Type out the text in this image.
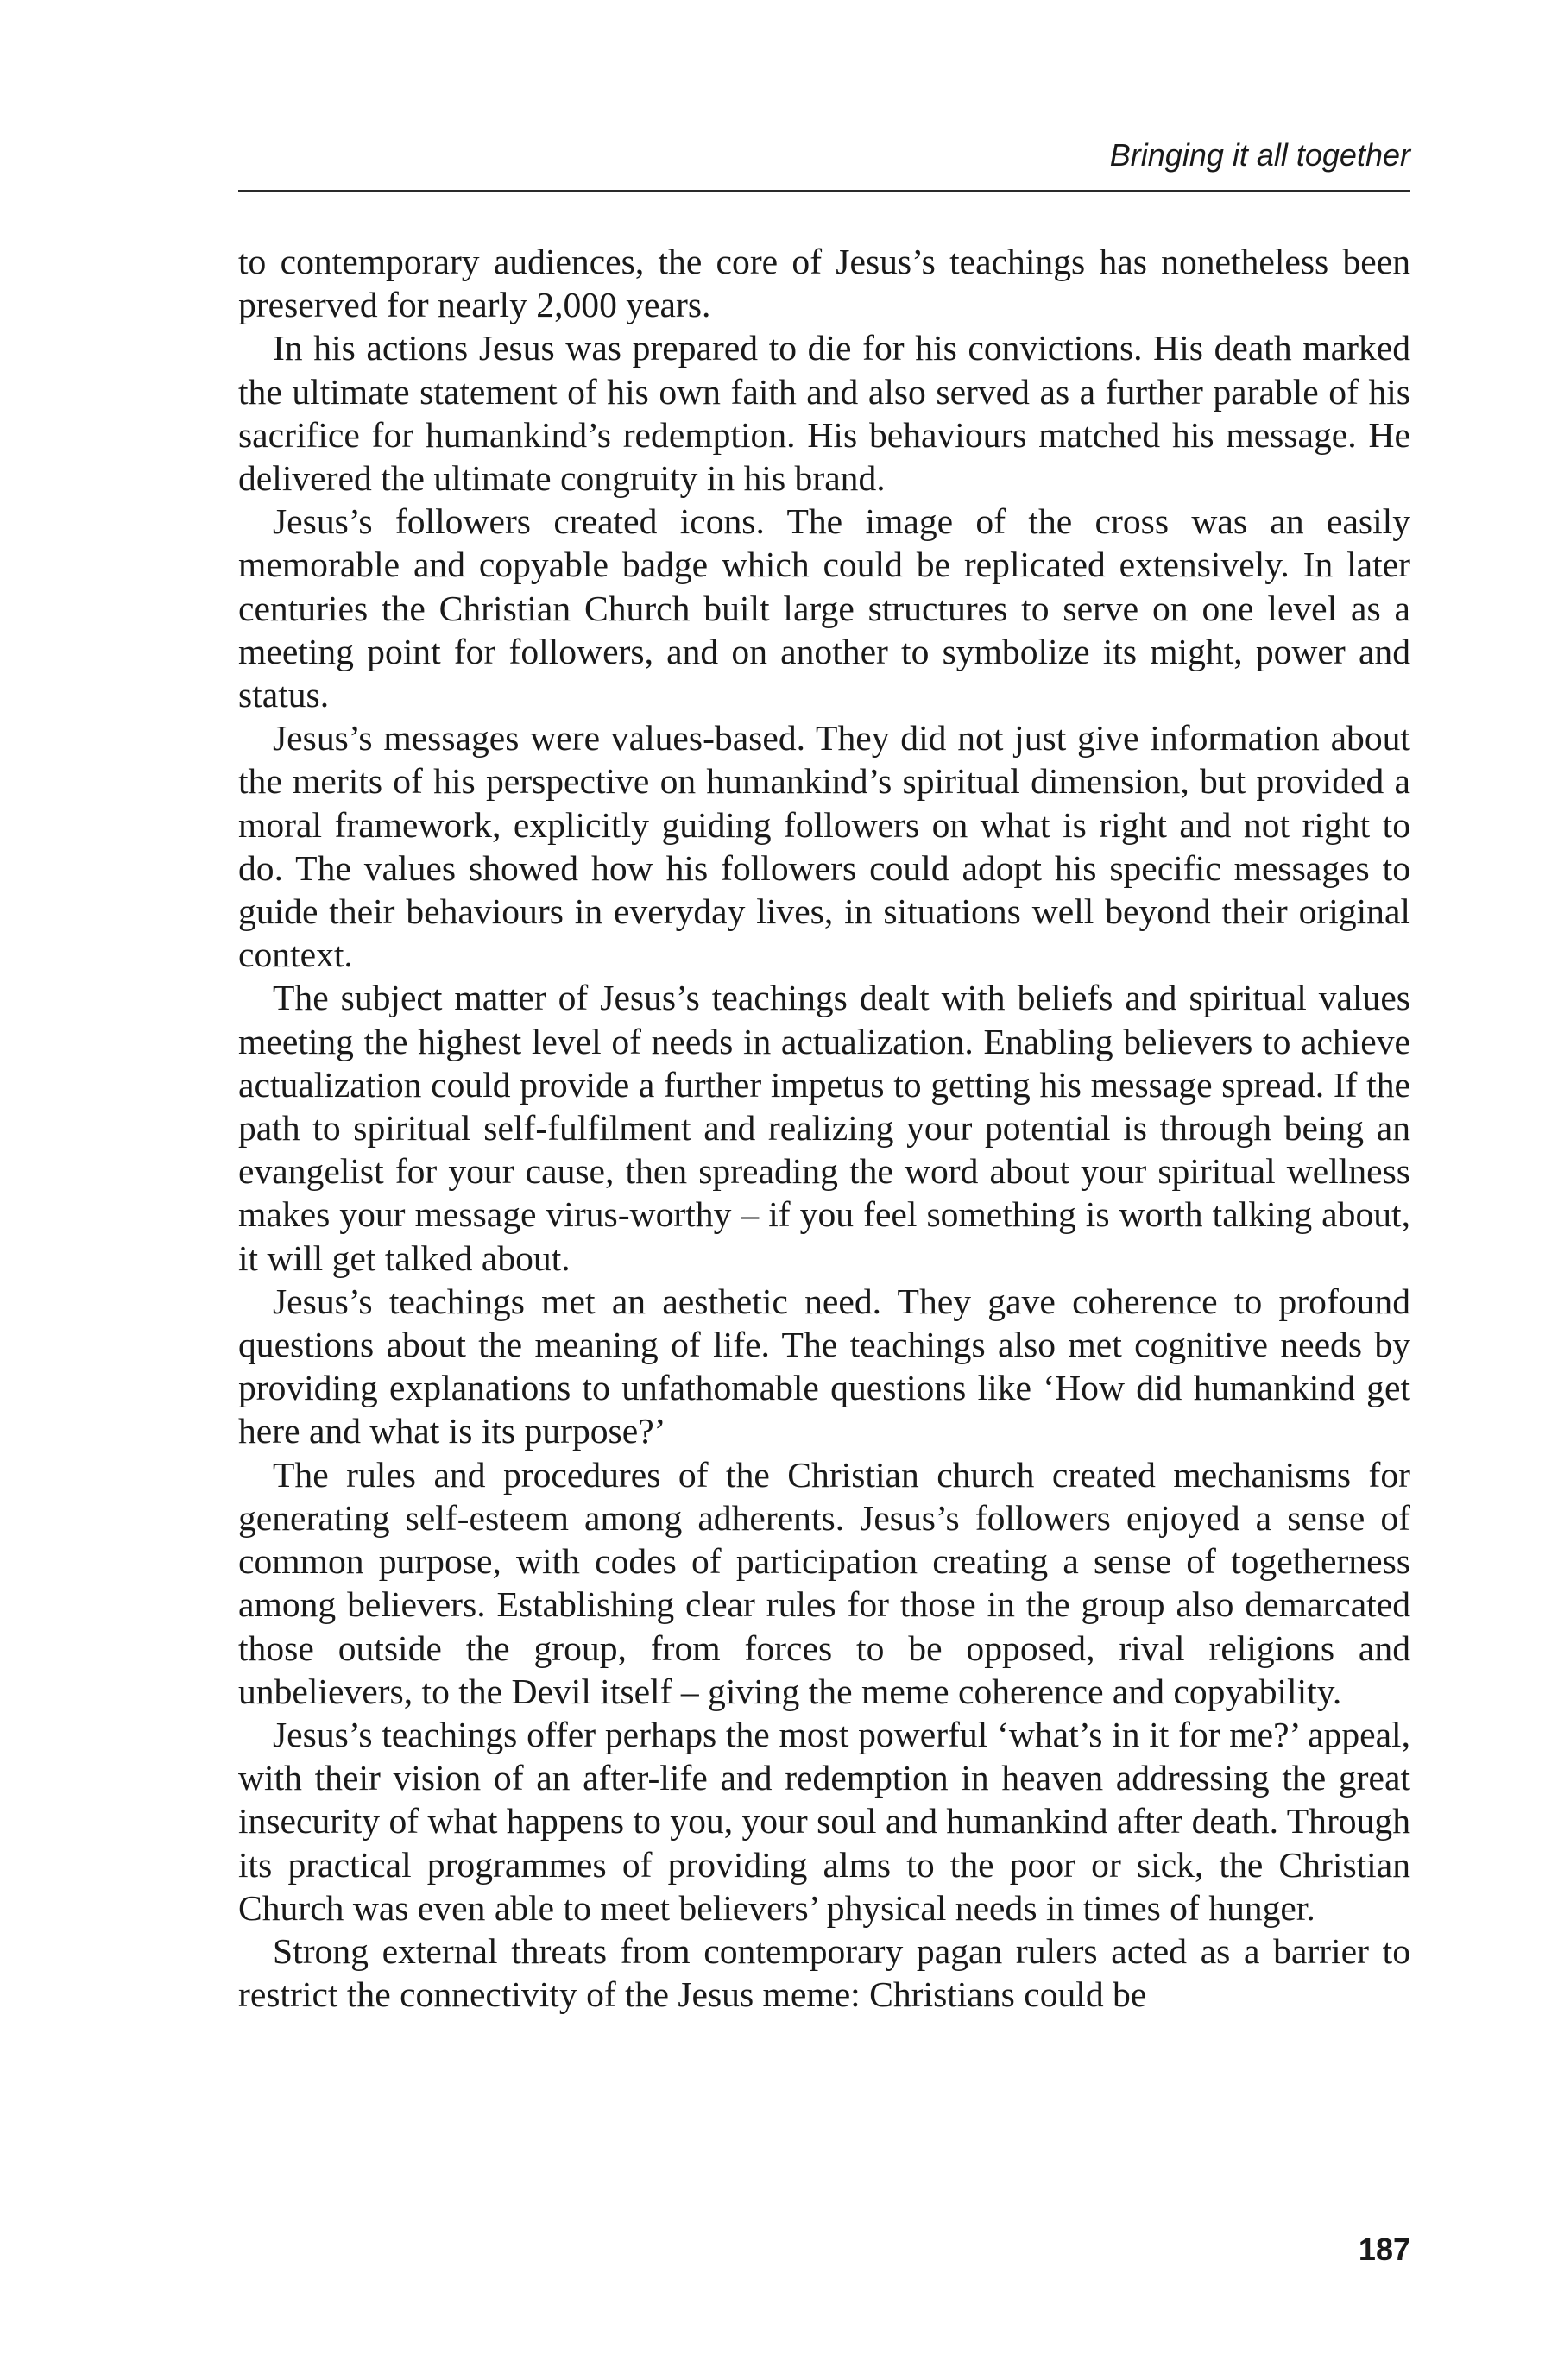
Bringing it all together

to contemporary audiences, the core of Jesus’s teachings has nonetheless been preserved for nearly 2,000 years.

In his actions Jesus was prepared to die for his convictions. His death marked the ultimate statement of his own faith and also served as a further parable of his sacrifice for humankind’s redemption. His behaviours matched his message. He delivered the ultimate congruity in his brand.

Jesus’s followers created icons. The image of the cross was an easily memorable and copyable badge which could be replicated extensively. In later centuries the Christian Church built large structures to serve on one level as a meeting point for followers, and on another to symbolize its might, power and status.

Jesus’s messages were values-based. They did not just give information about the merits of his perspective on humankind’s spiritual dimension, but provided a moral framework, explicitly guiding followers on what is right and not right to do. The values showed how his followers could adopt his specific messages to guide their behaviours in everyday lives, in situations well beyond their original context.

The subject matter of Jesus’s teachings dealt with beliefs and spiritual values meeting the highest level of needs in actualization. Enabling believers to achieve actualization could provide a further impetus to getting his message spread. If the path to spiritual self-fulfilment and realizing your potential is through being an evangelist for your cause, then spreading the word about your spiritual wellness makes your message virus-worthy – if you feel something is worth talking about, it will get talked about.

Jesus’s teachings met an aesthetic need. They gave coherence to profound questions about the meaning of life. The teachings also met cognitive needs by providing explanations to unfathomable questions like ‘How did humankind get here and what is its purpose?’

The rules and procedures of the Christian church created mechanisms for generating self-esteem among adherents. Jesus’s followers enjoyed a sense of common purpose, with codes of participation creating a sense of togetherness among believers. Establishing clear rules for those in the group also demarcated those outside the group, from forces to be opposed, rival religions and unbelievers, to the Devil itself – giving the meme coherence and copyability.

Jesus’s teachings offer perhaps the most powerful ‘what’s in it for me?’ appeal, with their vision of an after-life and redemption in heaven addressing the great insecurity of what happens to you, your soul and humankind after death. Through its practical programmes of providing alms to the poor or sick, the Christian Church was even able to meet believers’ physical needs in times of hunger.

Strong external threats from contemporary pagan rulers acted as a barrier to restrict the connectivity of the Jesus meme: Christians could be

187
